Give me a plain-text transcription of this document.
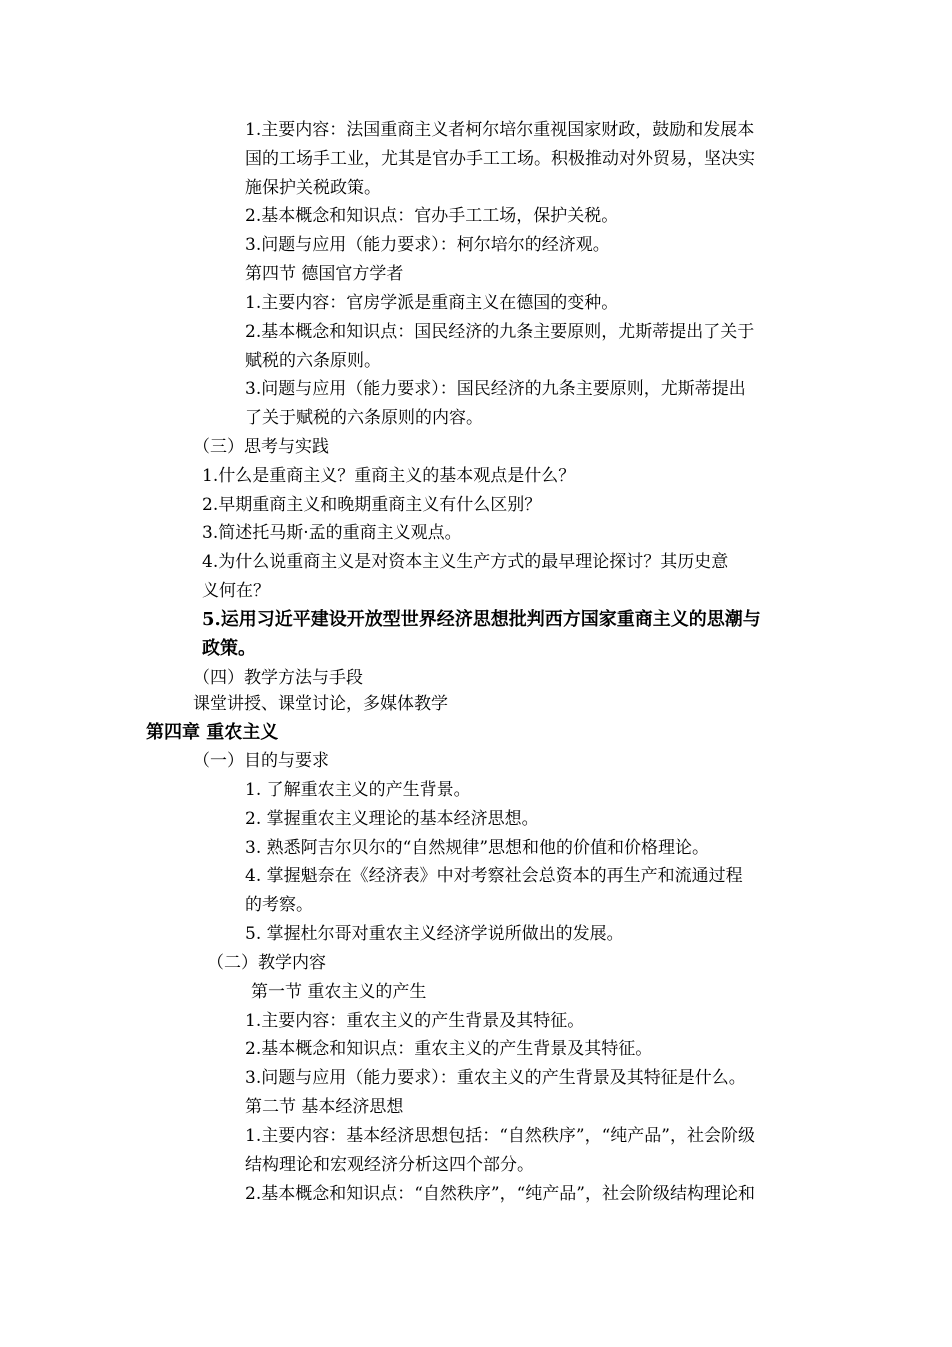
1.主要内容：法国重商主义者柯尔培尔重视国家财政，鼓励和发展本
国的工场手工业，尤其是官办手工工场。积极推动对外贸易，坚决实
施保护关税政策。
2.基本概念和知识点：官办手工工场，保护关税。
3.问题与应用（能力要求）：柯尔培尔的经济观。
第四节 德国官方学者
1.主要内容：官房学派是重商主义在德国的变种。
2.基本概念和知识点：国民经济的九条主要原则，尤斯蒂提出了关于
赋税的六条原则。
3.问题与应用（能力要求）：国民经济的九条主要原则，尤斯蒂提出
了关于赋税的六条原则的内容。
（三）思考与实践
1.什么是重商主义？重商主义的基本观点是什么？
2.早期重商主义和晚期重商主义有什么区别？
3.简述托马斯·孟的重商主义观点。
4.为什么说重商主义是对资本主义生产方式的最早理论探讨？其历史意
义何在？
5.运用习近平建设开放型世界经济思想批判西方国家重商主义的思潮与
政策。
（四）教学方法与手段
课堂讲授、课堂讨论，多媒体教学
第四章 重农主义
（一）目的与要求
1. 了解重农主义的产生背景。
2. 掌握重农主义理论的基本经济思想。
3. 熟悉阿吉尔贝尔的“自然规律”思想和他的价值和价格理论。
4. 掌握魁奈在《经济表》中对考察社会总资本的再生产和流通过程
的考察。
5. 掌握杜尔哥对重农主义经济学说所做出的发展。
（二）教学内容
第一节 重农主义的产生
1.主要内容：重农主义的产生背景及其特征。
2.基本概念和知识点：重农主义的产生背景及其特征。
3.问题与应用（能力要求）：重农主义的产生背景及其特征是什么。
第二节 基本经济思想
1.主要内容：基本经济思想包括：“自然秩序”，“纯产品”，社会阶级
结构理论和宏观经济分析这四个部分。
2.基本概念和知识点：“自然秩序”，“纯产品”，社会阶级结构理论和
